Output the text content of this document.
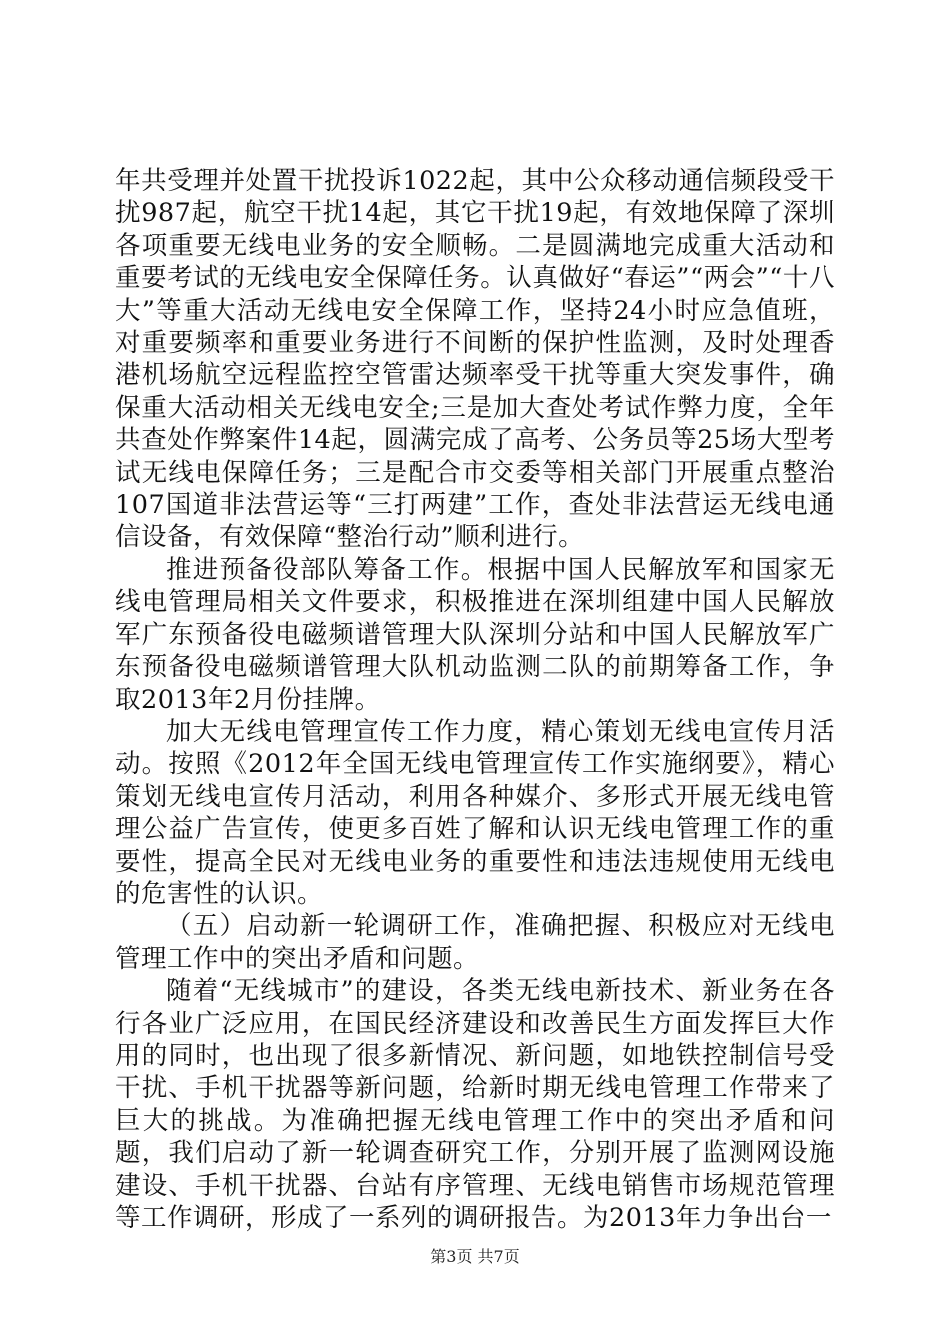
年共受理并处置干扰投诉1022起，其中公众移动通信频段受干扰987起，航空干扰14起，其它干扰19起，有效地保障了深圳各项重要无线电业务的安全顺畅。二是圆满地完成重大活动和重要考试的无线电安全保障任务。认真做好“春运”“两会”“十八大”等重大活动无线电安全保障工作，坚持24小时应急值班，对重要频率和重要业务进行不间断的保护性监测，及时处理香港机场航空远程监控空管雷达频率受干扰等重大突发事件，确保重大活动相关无线电安全;三是加大查处考试作弊力度，全年共查处作弊案件14起，圆满完成了高考、公务员等25场大型考试无线电保障任务；三是配合市交委等相关部门开展重点整治107国道非法营运等“三打两建”工作，查处非法营运无线电通信设备，有效保障“整治行动”顺利进行。

推进预备役部队筹备工作。根据中国人民解放军和国家无线电管理局相关文件要求，积极推进在深圳组建中国人民解放军广东预备役电磁频谱管理大队深圳分站和中国人民解放军广东预备役电磁频谱管理大队机动监测二队的前期筹备工作，争取2013年2月份挂牌。

加大无线电管理宣传工作力度，精心策划无线电宣传月活动。按照《2012年全国无线电管理宣传工作实施纲要》，精心策划无线电宣传月活动，利用各种媒介、多形式开展无线电管理公益广告宣传，使更多百姓了解和认识无线电管理工作的重要性，提高全民对无线电业务的重要性和违法违规使用无线电的危害性的认识。

（五）启动新一轮调研工作，准确把握、积极应对无线电管理工作中的突出矛盾和问题。

随着“无线城市”的建设，各类无线电新技术、新业务在各行各业广泛应用，在国民经济建设和改善民生方面发挥巨大作用的同时，也出现了很多新情况、新问题，如地铁控制信号受干扰、手机干扰器等新问题，给新时期无线电管理工作带来了巨大的挑战。为准确把握无线电管理工作中的突出矛盾和问题，我们启动了新一轮调查研究工作，分别开展了监测网设施建设、手机干扰器、台站有序管理、无线电销售市场规范管理等工作调研，形成了一系列的调研报告。为2013年力争出台一

第3页 共7页
